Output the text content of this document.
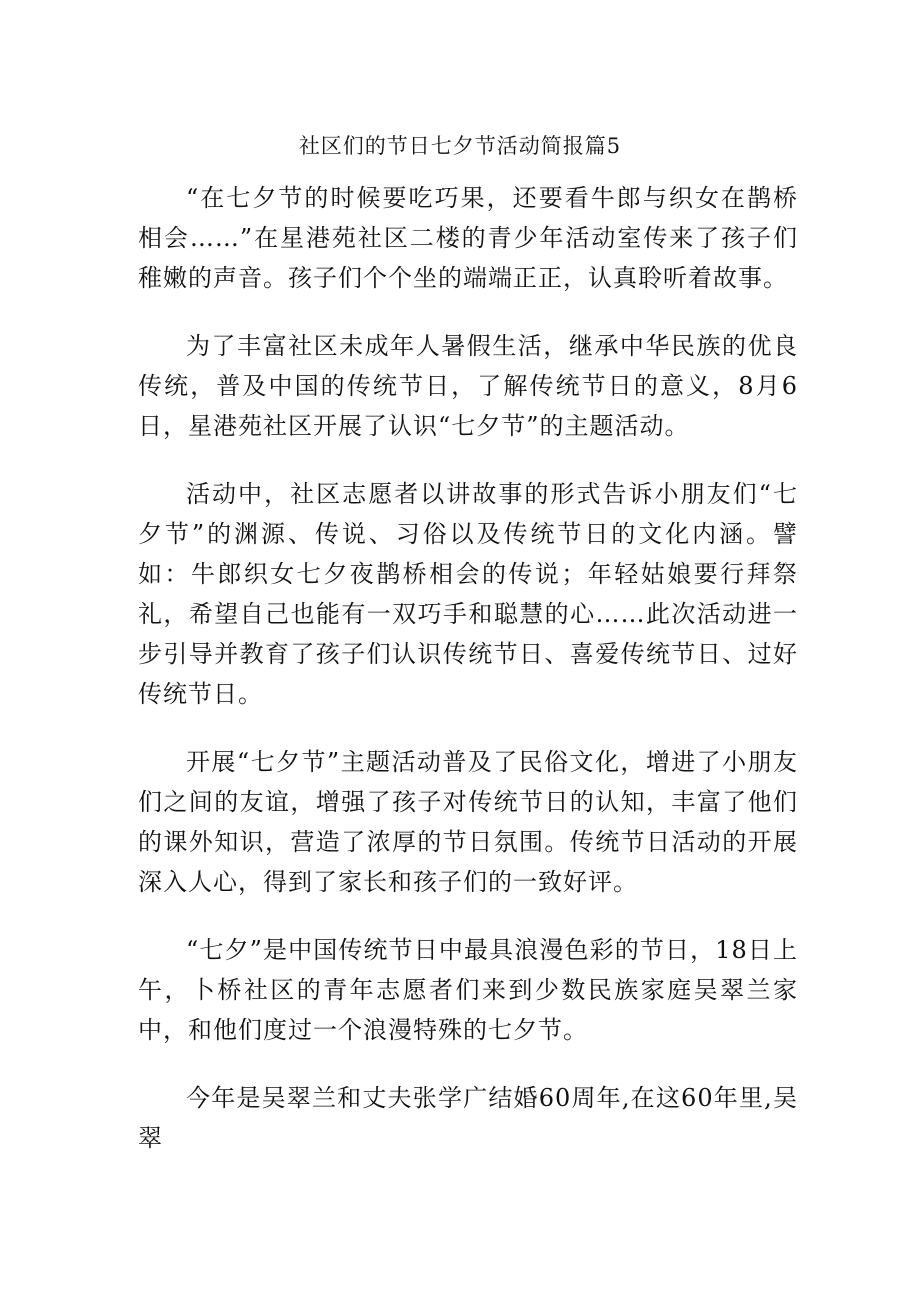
社区们的节日七夕节活动简报篇5

“在七夕节的时候要吃巧果，还要看牛郎与织女在鹊桥相会……”在星港苑社区二楼的青少年活动室传来了孩子们稚嫩的声音。孩子们个个坐的端端正正，认真聆听着故事。

为了丰富社区未成年人暑假生活，继承中华民族的优良传统，普及中国的传统节日，了解传统节日的意义，8月6日，星港苑社区开展了认识“七夕节”的主题活动。

活动中，社区志愿者以讲故事的形式告诉小朋友们“七夕节”的渊源、传说、习俗以及传统节日的文化内涵。譬如：牛郎织女七夕夜鹊桥相会的传说；年轻姑娘要行拜祭礼，希望自己也能有一双巧手和聪慧的心……此次活动进一步引导并教育了孩子们认识传统节日、喜爱传统节日、过好传统节日。

开展“七夕节”主题活动普及了民俗文化，增进了小朋友们之间的友谊，增强了孩子对传统节日的认知，丰富了他们的课外知识，营造了浓厚的节日氛围。传统节日活动的开展深入人心，得到了家长和孩子们的一致好评。

“七夕”是中国传统节日中最具浪漫色彩的节日，18日上午，卜桥社区的青年志愿者们来到少数民族家庭吴翠兰家中，和他们度过一个浪漫特殊的七夕节。

今年是吴翠兰和丈夫张学广结婚60周年,在这60年里,吴翠
